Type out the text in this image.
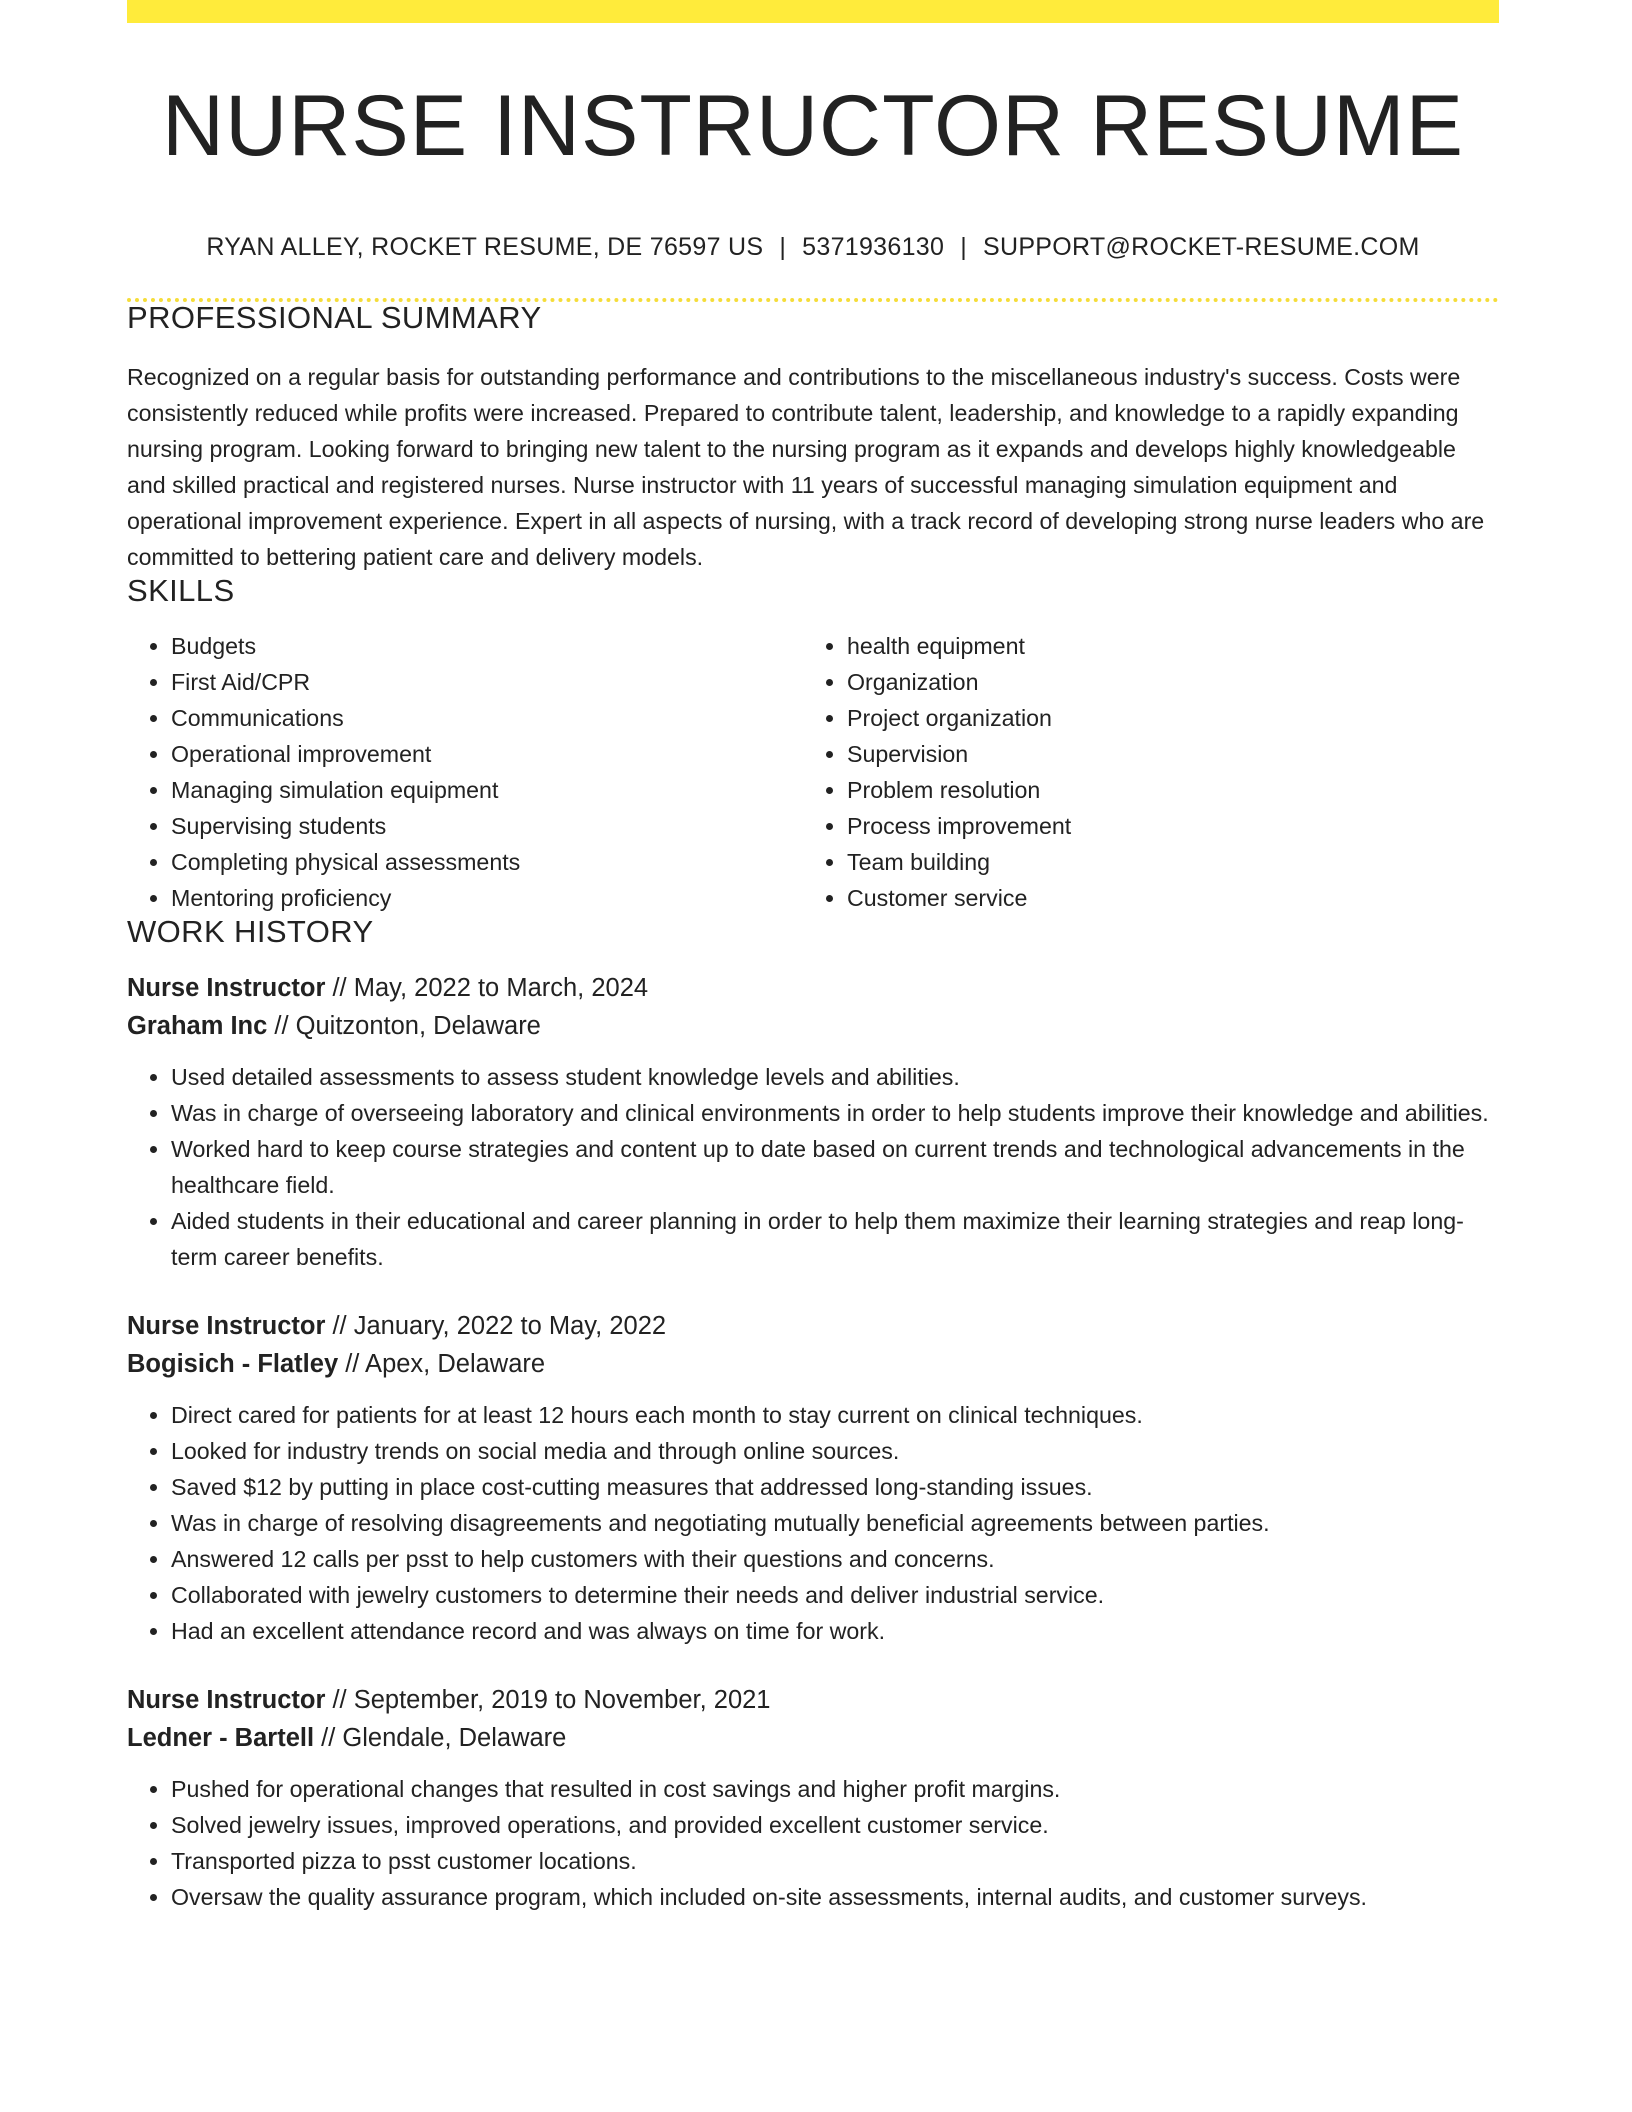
NURSE INSTRUCTOR RESUME
RYAN ALLEY, ROCKET RESUME, DE 76597 US | 5371936130 | SUPPORT@ROCKET-RESUME.COM
PROFESSIONAL SUMMARY

Recognized on a regular basis for outstanding performance and contributions to the miscellaneous industry's success. Costs were consistently reduced while profits were increased. Prepared to contribute talent, leadership, and knowledge to a rapidly expanding nursing program. Looking forward to bringing new talent to the nursing program as it expands and develops highly knowledgeable and skilled practical and registered nurses. Nurse instructor with 11 years of successful managing simulation equipment and operational improvement experience. Expert in all aspects of nursing, with a track record of developing strong nurse leaders who are committed to bettering patient care and delivery models.

SKILLS
• Budgets
• First Aid/CPR
• Communications
• Operational improvement
• Managing simulation equipment
• Supervising students
• Completing physical assessments
• Mentoring proficiency
• health equipment
• Organization
• Project organization
• Supervision
• Problem resolution
• Process improvement
• Team building
• Customer service
WORK HISTORY
Nurse Instructor // May, 2022 to March, 2024
Graham Inc // Quitzonton, Delaware
• Used detailed assessments to assess student knowledge levels and abilities.
• Was in charge of overseeing laboratory and clinical environments in order to help students improve their knowledge and abilities.
• Worked hard to keep course strategies and content up to date based on current trends and technological advancements in the healthcare field.
• Aided students in their educational and career planning in order to help them maximize their learning strategies and reap long-term career benefits.
Nurse Instructor // January, 2022 to May, 2022
Bogisich - Flatley // Apex, Delaware
• Direct cared for patients for at least 12 hours each month to stay current on clinical techniques.
• Looked for industry trends on social media and through online sources.
• Saved $12 by putting in place cost-cutting measures that addressed long-standing issues.
• Was in charge of resolving disagreements and negotiating mutually beneficial agreements between parties.
• Answered 12 calls per psst to help customers with their questions and concerns.
• Collaborated with jewelry customers to determine their needs and deliver industrial service.
• Had an excellent attendance record and was always on time for work.
Nurse Instructor // September, 2019 to November, 2021
Ledner - Bartell // Glendale, Delaware
• Pushed for operational changes that resulted in cost savings and higher profit margins.
• Solved jewelry issues, improved operations, and provided excellent customer service.
• Transported pizza to psst customer locations.
• Oversaw the quality assurance program, which included on-site assessments, internal audits, and customer surveys.
